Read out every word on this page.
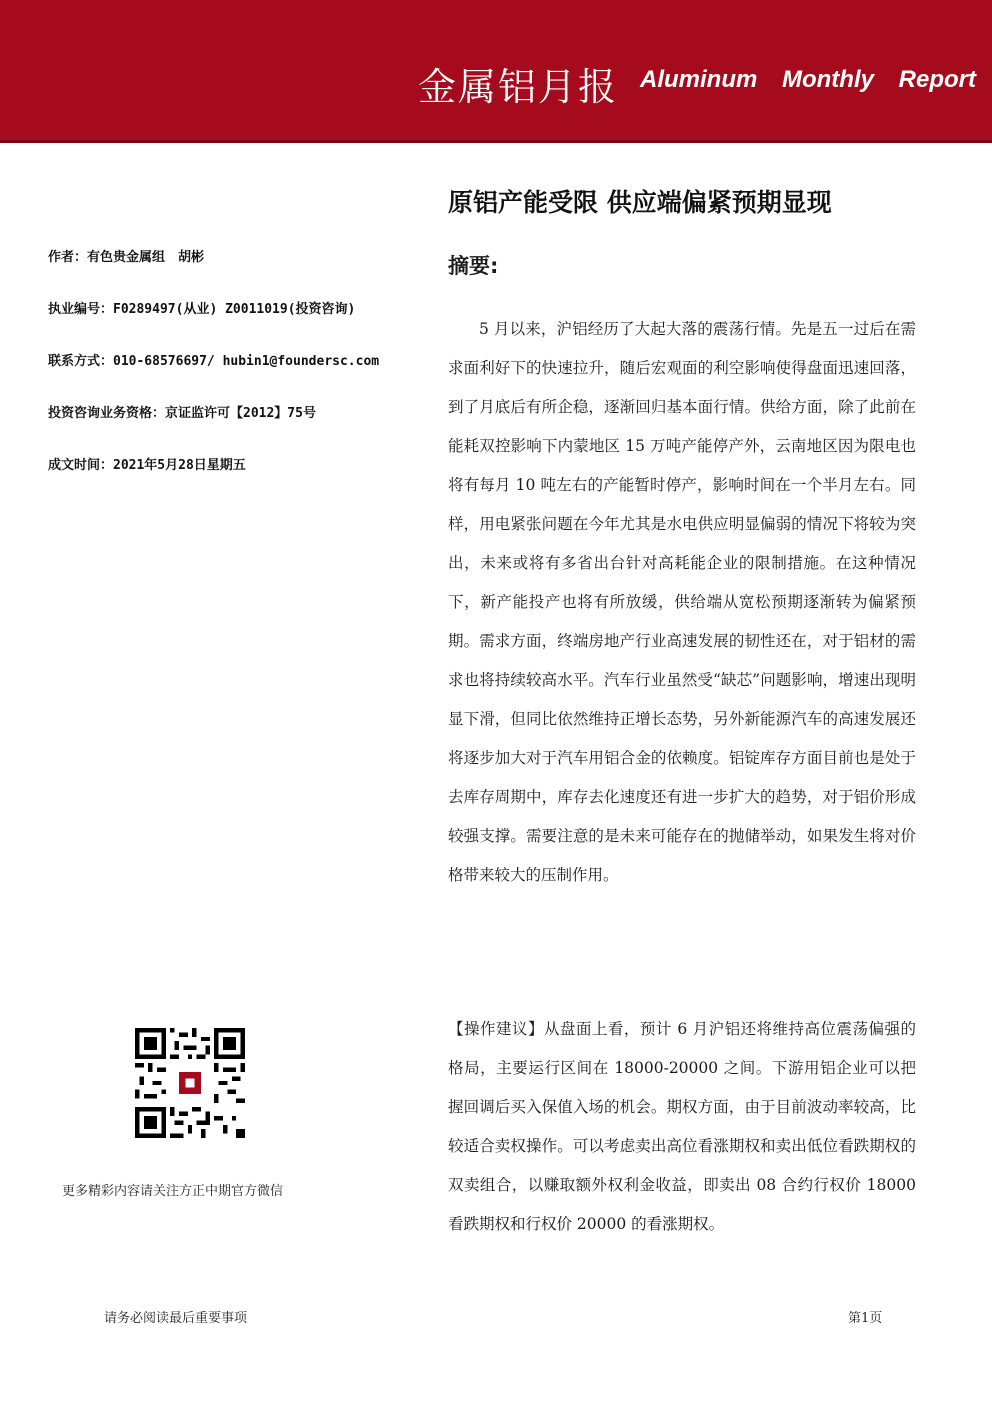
金属铝月报 Aluminum Monthly Report
原铝产能受限 供应端偏紧预期显现
摘要:
作者：有色贵金属组　胡彬
执业编号：F0289497(从业) Z0011019(投资咨询)
联系方式：010-68576697/ hubin1@foundersc.com
投资咨询业务资格：京证监许可【2012】75号
成文时间：2021年5月28日星期五

5 月以来，沪铝经历了大起大落的震荡行情。先是五一过后在需求面利好下的快速拉升，随后宏观面的利空影响使得盘面迅速回落，到了月底后有所企稳，逐渐回归基本面行情。供给方面，除了此前在能耗双控影响下内蒙地区 15 万吨产能停产外，云南地区因为限电也将有每月 10 吨左右的产能暂时停产，影响时间在一个半月左右。同样，用电紧张问题在今年尤其是水电供应明显偏弱的情况下将较为突出，未来或将有多省出台针对高耗能企业的限制措施。在这种情况下，新产能投产也将有所放缓，供给端从宽松预期逐渐转为偏紧预期。需求方面，终端房地产行业高速发展的韧性还在，对于铝材的需求也将持续较高水平。汽车行业虽然受“缺芯”问题影响，增速出现明显下滑，但同比依然维持正增长态势，另外新能源汽车的高速发展还将逐步加大对于汽车用铝合金的依赖度。铝锭库存方面目前也是处于去库存周期中，库存去化速度还有进一步扩大的趋势，对于铝价形成较强支撑。需要注意的是未来可能存在的抛储举动，如果发生将对价格带来较大的压制作用。

【操作建议】从盘面上看，预计 6 月沪铝还将维持高位震荡偏强的格局，主要运行区间在 18000-20000 之间。下游用铝企业可以把握回调后买入保值入场的机会。期权方面，由于目前波动率较高，比较适合卖权操作。可以考虑卖出高位看涨期权和卖出低位看跌期权的双卖组合，以赚取额外权利金收益，即卖出 08 合约行权价 18000 看跌期权和行权价 20000 的看涨期权。

更多精彩内容请关注方正中期官方微信
请务必阅读最后重要事项	第1页
